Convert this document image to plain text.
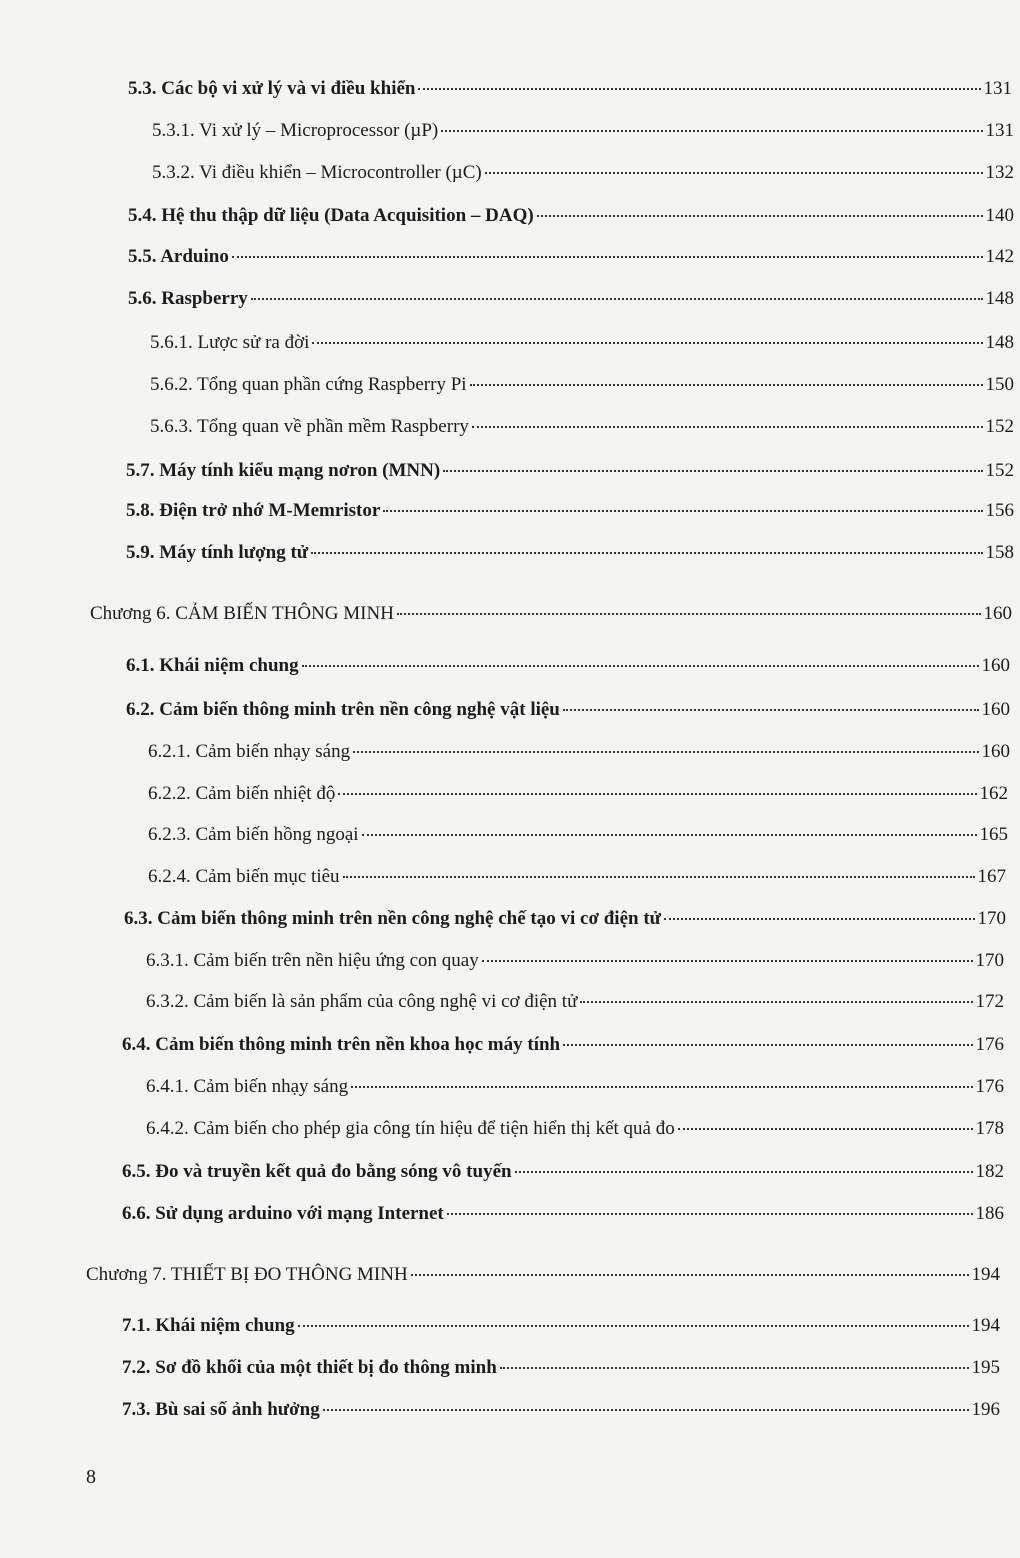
5.3. Các bộ vi xử lý và vi điều khiển	131
5.3.1. Vi xử lý – Microprocessor (µP)	131
5.3.2. Vi điều khiển – Microcontroller (µC)	132
5.4. Hệ thu thập dữ liệu (Data Acquisition – DAQ)	140
5.5. Arduino	142
5.6. Raspberry	148
5.6.1. Lược sử ra đời	148
5.6.2. Tổng quan phần cứng Raspberry Pi	150
5.6.3. Tổng quan về phần mềm Raspberry	152
5.7. Máy tính kiểu mạng nơron (MNN)	152
5.8. Điện trở nhớ M-Memristor	156
5.9. Máy tính lượng tử	158
Chương 6. CẢM BIẾN THÔNG MINH	160
6.1. Khái niệm chung	160
6.2. Cảm biến thông minh trên nền công nghệ vật liệu	160
6.2.1. Cảm biến nhạy sáng	160
6.2.2. Cảm biến nhiệt độ	162
6.2.3. Cảm biến hồng ngoại	165
6.2.4. Cảm biến mục tiêu	167
6.3. Cảm biến thông minh trên nền công nghệ chế tạo vi cơ điện tử	170
6.3.1. Cảm biến trên nền hiệu ứng con quay	170
6.3.2. Cảm biến là sản phẩm của công nghệ vi cơ điện tử	172
6.4. Cảm biến thông minh trên nền khoa học máy tính	176
6.4.1. Cảm biến nhạy sáng	176
6.4.2. Cảm biến cho phép gia công tín hiệu để tiện hiển thị kết quả đo	178
6.5. Đo và truyền kết quả đo bằng sóng vô tuyến	182
6.6. Sử dụng arduino với mạng Internet	186
Chương 7. THIẾT BỊ ĐO THÔNG MINH	194
7.1. Khái niệm chung	194
7.2. Sơ đồ khối của một thiết bị đo thông minh	195
7.3. Bù sai số ảnh hưởng	196
8
